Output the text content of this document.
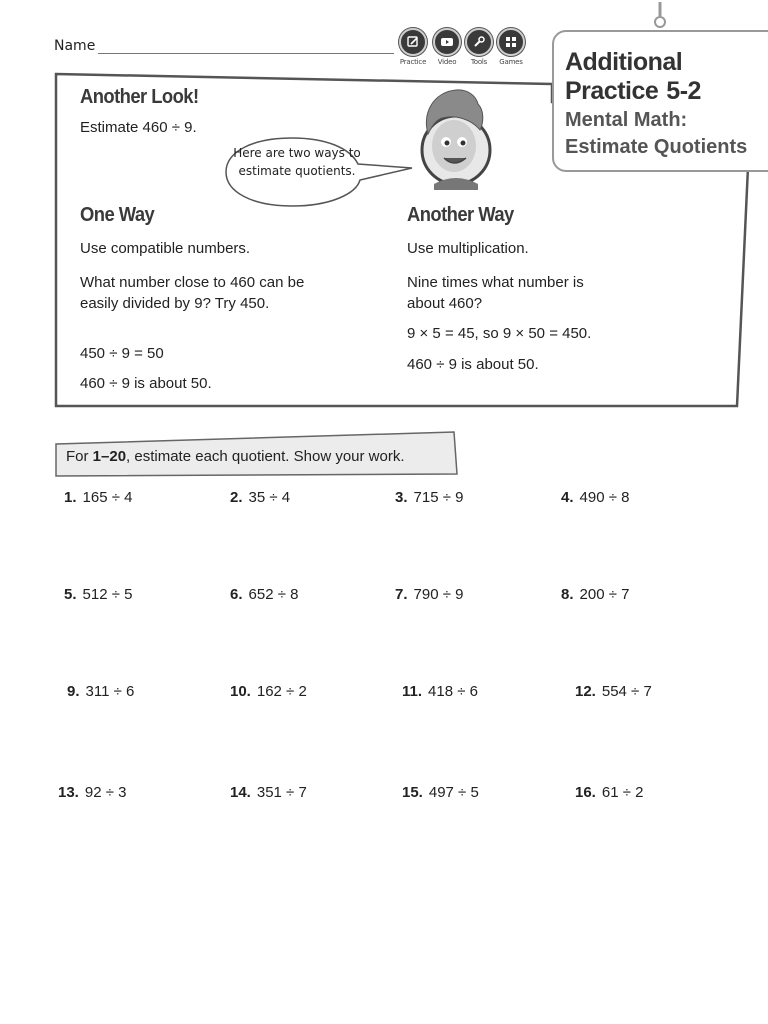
Name
Practice	Video	Tools	Games Additional
Practice 5-2
Mental Math:
Estimate Quotients
Another Look!
Estimate 460 ÷ 9.
Here are two ways to estimate quotients.
One Way
Use compatible numbers.
What number close to 460 can be easily divided by 9? Try 450.
450 ÷ 9 = 50
460 ÷ 9 is about 50.
Another Way
Use multiplication.
Nine times what number is about 460?
9 × 5 = 45, so 9 × 50 = 450.
460 ÷ 9 is about 50.
For 1–20, estimate each quotient. Show your work.
1. 165 ÷ 4	2. 35 ÷ 4	3. 715 ÷ 9	4. 490 ÷ 8
5. 512 ÷ 5	6. 652 ÷ 8	7. 790 ÷ 9	8. 200 ÷ 7
9. 311 ÷ 6	10. 162 ÷ 2	11. 418 ÷ 6	12. 554 ÷ 7
13. 92 ÷ 3	14. 351 ÷ 7	15. 497 ÷ 5	16. 61 ÷ 2
